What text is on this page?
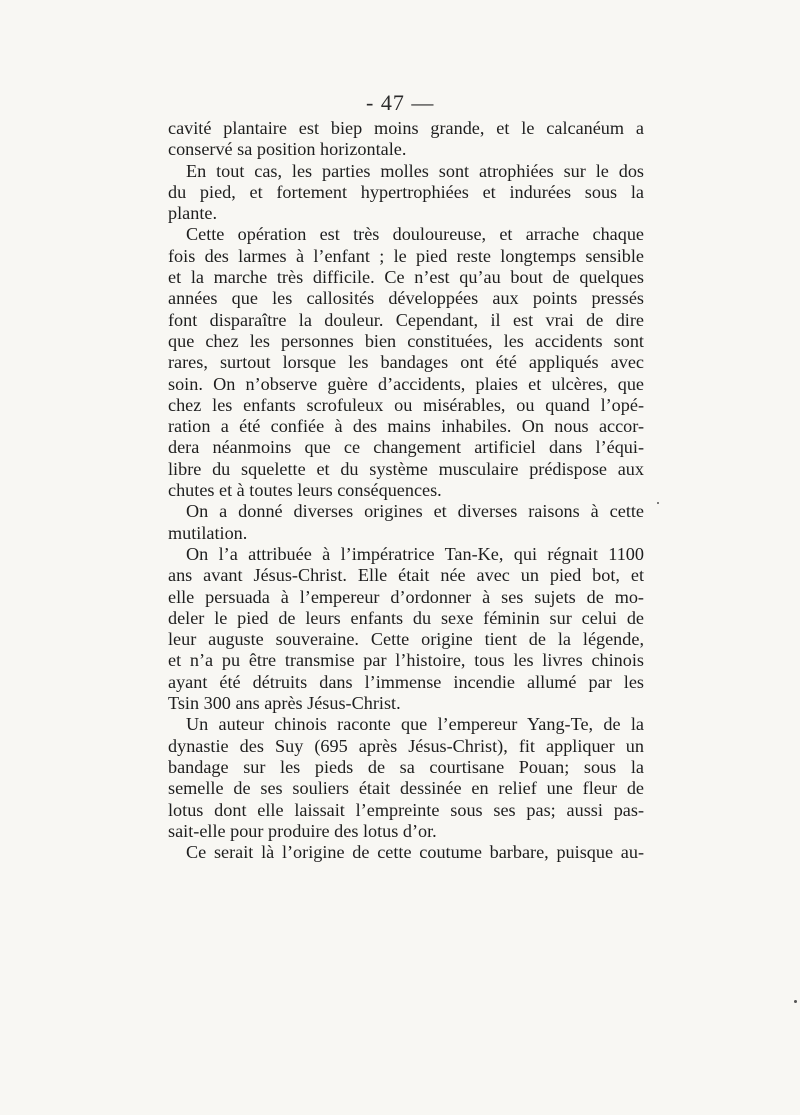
- 47 —
cavité plantaire est biep moins grande, et le calcanéum a
conservé sa position horizontale.
En tout cas, les parties molles sont atrophiées sur le dos
du pied, et fortement hypertrophiées et indurées sous la
plante.
Cette opération est très douloureuse, et arrache chaque
fois des larmes à l’enfant ; le pied reste longtemps sensible
et la marche très difficile. Ce n’est qu’au bout de quelques
années que les callosités développées aux points pressés
font disparaître la douleur. Cependant, il est vrai de dire
que chez les personnes bien constituées, les accidents sont
rares, surtout lorsque les bandages ont été appliqués avec
soin. On n’observe guère d’accidents, plaies et ulcères, que
chez les enfants scrofuleux ou misérables, ou quand l’opé-
ration a été confiée à des mains inhabiles. On nous accor-
dera néanmoins que ce changement artificiel dans l’équi-
libre du squelette et du système musculaire prédispose aux
chutes et à toutes leurs conséquences.
On a donné diverses origines et diverses raisons à cette
mutilation.
On l’a attribuée à l’impératrice Tan-Ke, qui régnait 1100
ans avant Jésus-Christ. Elle était née avec un pied bot, et
elle persuada à l’empereur d’ordonner à ses sujets de mo-
deler le pied de leurs enfants du sexe féminin sur celui de
leur auguste souveraine. Cette origine tient de la légende,
et n’a pu être transmise par l’histoire, tous les livres chinois
ayant été détruits dans l’immense incendie allumé par les
Tsin 300 ans après Jésus-Christ.
Un auteur chinois raconte que l’empereur Yang-Te, de la
dynastie des Suy (695 après Jésus-Christ), fit appliquer un
bandage sur les pieds de sa courtisane Pouan; sous la
semelle de ses souliers était dessinée en relief une fleur de
lotus dont elle laissait l’empreinte sous ses pas; aussi pas-
sait-elle pour produire des lotus d’or.
Ce serait là l’origine de cette coutume barbare, puisque au-
